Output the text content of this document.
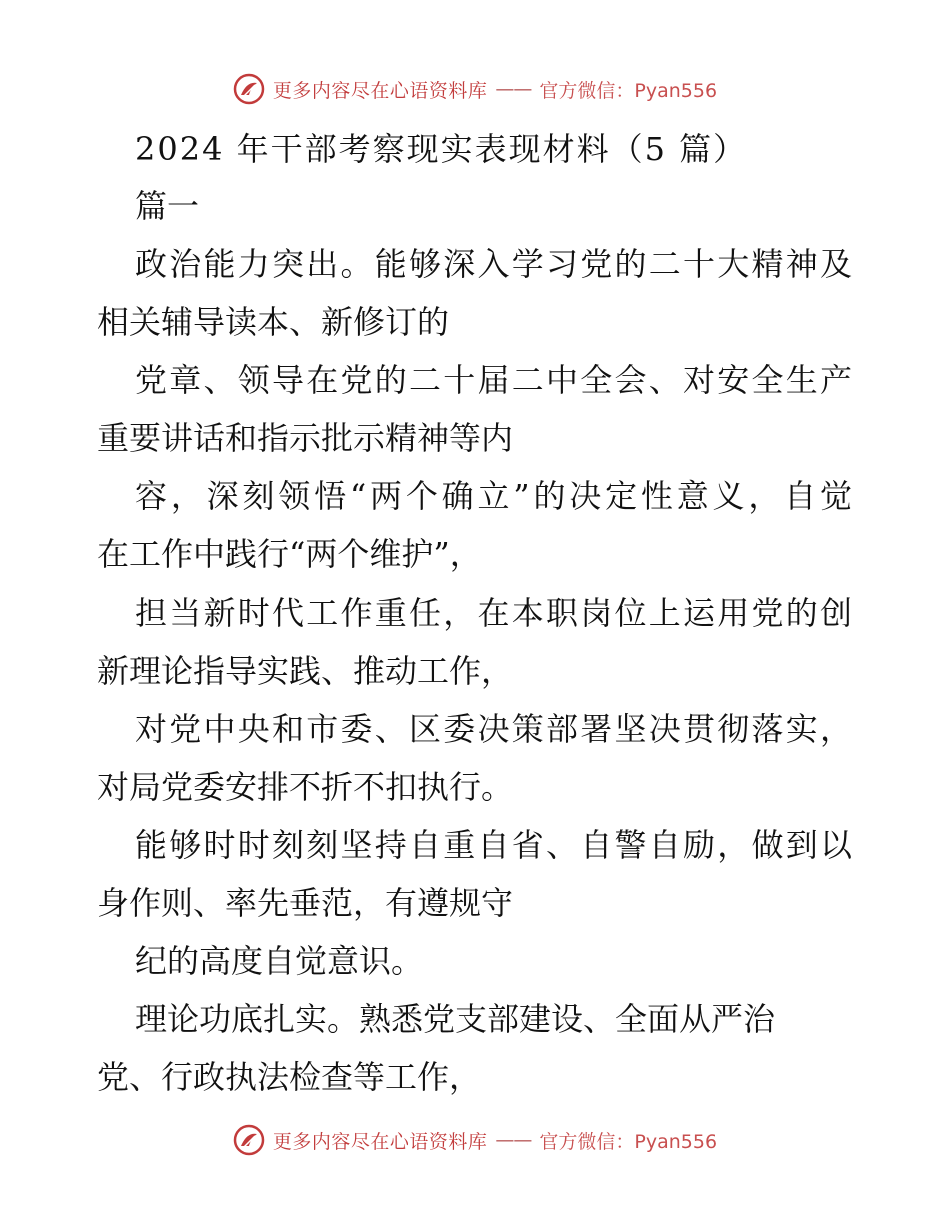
更多内容尽在心语资料库 —— 官方微信：Pyan556
2024 年干部考察现实表现材料（5 篇）
篇一
政治能力突出。能够深入学习党的二十大精神及
相关辅导读本、新修订的
党章、领导在党的二十届二中全会、对安全生产
重要讲话和指示批示精神等内
容，深刻领悟“两个确立”的决定性意义，自觉
在工作中践行“两个维护”，
担当新时代工作重任，在本职岗位上运用党的创
新理论指导实践、推动工作，
对党中央和市委、区委决策部署坚决贯彻落实，
对局党委安排不折不扣执行。
能够时时刻刻坚持自重自省、自警自励，做到以
身作则、率先垂范，有遵规守
纪的高度自觉意识。
理论功底扎实。熟悉党支部建设、全面从严治
党、行政执法检查等工作，
更多内容尽在心语资料库 —— 官方微信：Pyan556
